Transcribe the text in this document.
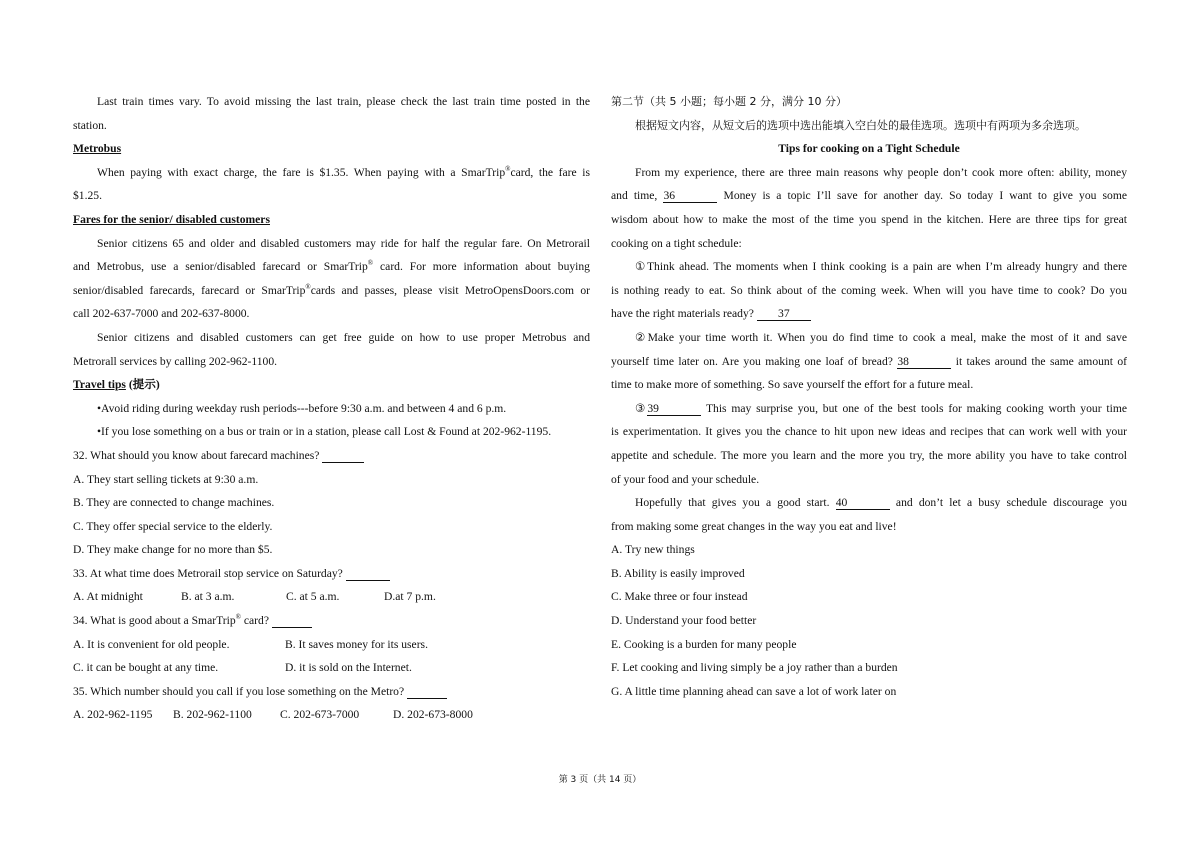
Last train times vary. To avoid missing the last train, please check the last train time posted in the
station.
Metrobus
When paying with exact charge, the fare is $1.35. When paying with a SmarTrip®card, the fare is
$1.25.
Fares for the senior/ disabled customers
Senior citizens 65 and older and disabled customers may ride for half the regular fare. On Metrorail
and Metrobus, use a senior/disabled farecard or SmarTrip® card. For more information about buying
senior/disabled farecards, farecard or SmarTrip®cards and passes, please visit MetroOpensDoors.com or
call 202-637-7000 and 202-637-8000.
Senior citizens and disabled customers can get free guide on how to use proper Metrobus and
Metrorall services by calling 202-962-1100.
Travel tips (提示)
•Avoid riding during weekday rush periods---before 9:30 a.m. and between 4 and 6 p.m.
•If you lose something on a bus or train or in a station, please call Lost & Found at 202-962-1195.
32. What should you know about farecard machines?
A. They start selling tickets at 9:30 a.m.
B. They are connected to change machines.
C. They offer special service to the elderly.
D. They make change for no more than $5.
33. At what time does Metrorail stop service on Saturday?
A. At midnight	B. at 3 a.m.	C. at 5 a.m.	D.at 7 p.m.
34. What is good about a SmarTrip® card?
A. It is convenient for old people.	B. It saves money for its users.
C. it can be bought at any time.	D. it is sold on the Internet.
35. Which number should you call if you lose something on the Metro?
A. 202-962-1195	B. 202-962-1100	C. 202-673-7000	D. 202-673-8000
第二节（共 5 小题；每小题 2 分，满分 10 分）
根据短文内容，从短文后的选项中选出能填入空白处的最佳选项。选项中有两项为多余选项。
Tips for cooking on a Tight Schedule
From my experience, there are three main reasons why people don’t cook more often: ability, money
and time, 36	Money is a topic I’ll save for another day. So today I want to give you some
wisdom about how to make the most of the time you spend in the kitchen. Here are three tips for great
cooking on a tight schedule:
①Think ahead. The moments when I think cooking is a pain are when I’m already hungry and there
is nothing ready to eat. So think about of the coming week. When will you have time to cook? Do you
have the right materials ready? 37
②Make your time worth it. When you do find time to cook a meal, make the most of it and save
yourself time later on. Are you making one loaf of bread? 38	it takes around the same amount of
time to make more of something. So save yourself the effort for a future meal.
③39	This may surprise you, but one of the best tools for making cooking worth your time
is experimentation. It gives you the chance to hit upon new ideas and recipes that can work well with your
appetite and schedule. The more you learn and the more you try, the more ability you have to take control
of your food and your schedule.
Hopefully that gives you a good start. 40	and don’t let a busy schedule discourage you
from making some great changes in the way you eat and live!
A. Try new things
B. Ability is easily improved
C. Make three or four instead
D. Understand your food better
E. Cooking is a burden for many people
F. Let cooking and living simply be a joy rather than a burden
G. A little time planning ahead can save a lot of work later on
第 3 页（共 14 页）
